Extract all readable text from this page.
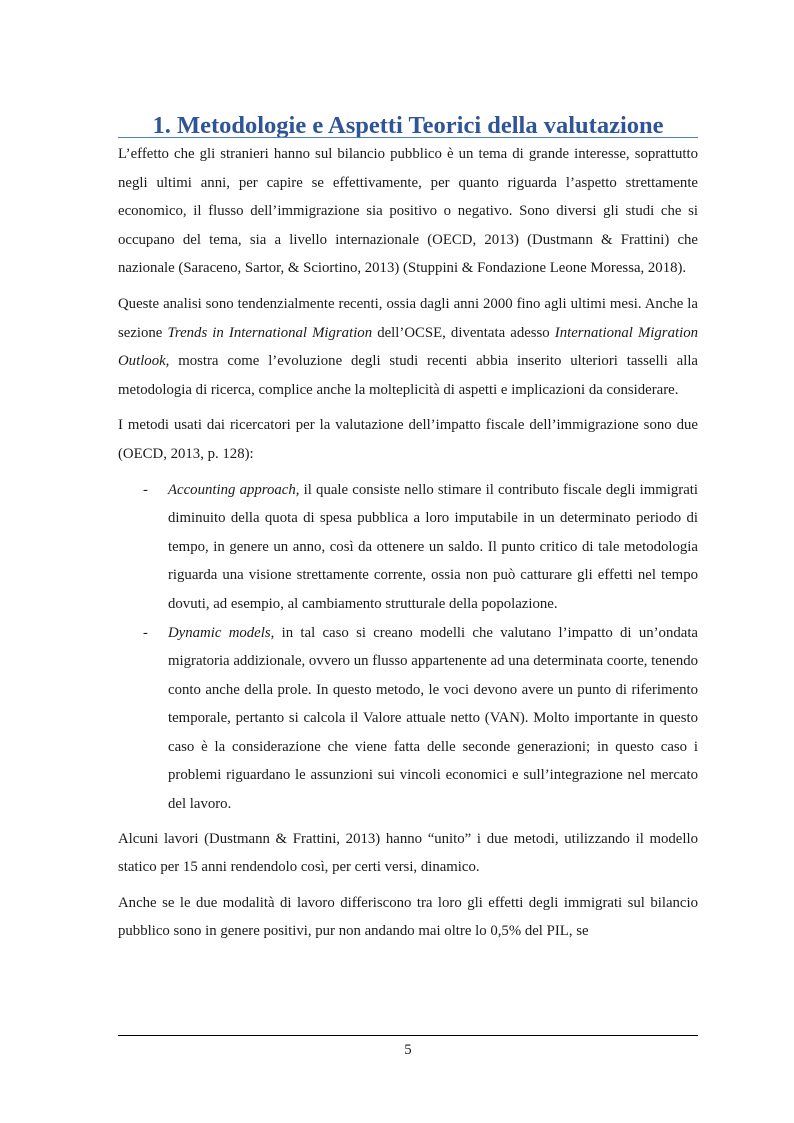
1. Metodologie e Aspetti Teorici della valutazione

L’effetto che gli stranieri hanno sul bilancio pubblico è un tema di grande interesse, soprattutto negli ultimi anni, per capire se effettivamente, per quanto riguarda l’aspetto strettamente economico, il flusso dell’immigrazione sia positivo o negativo. Sono diversi gli studi che si occupano del tema, sia a livello internazionale (OECD, 2013) (Dustmann & Frattini) che nazionale (Saraceno, Sartor, & Sciortino, 2013) (Stuppini & Fondazione Leone Moressa, 2018).

Queste analisi sono tendenzialmente recenti, ossia dagli anni 2000 fino agli ultimi mesi. Anche la sezione Trends in International Migration dell’OCSE, diventata adesso International Migration Outlook, mostra come l’evoluzione degli studi recenti abbia inserito ulteriori tasselli alla metodologia di ricerca, complice anche la molteplicità di aspetti e implicazioni da considerare.

I metodi usati dai ricercatori per la valutazione dell’impatto fiscale dell’immigrazione sono due (OECD, 2013, p. 128):

- Accounting approach, il quale consiste nello stimare il contributo fiscale degli immigrati diminuito della quota di spesa pubblica a loro imputabile in un determinato periodo di tempo, in genere un anno, così da ottenere un saldo. Il punto critico di tale metodologia riguarda una visione strettamente corrente, ossia non può catturare gli effetti nel tempo dovuti, ad esempio, al cambiamento strutturale della popolazione.
- Dynamic models, in tal caso si creano modelli che valutano l’impatto di un’ondata migratoria addizionale, ovvero un flusso appartenente ad una determinata coorte, tenendo conto anche della prole. In questo metodo, le voci devono avere un punto di riferimento temporale, pertanto si calcola il Valore attuale netto (VAN). Molto importante in questo caso è la considerazione che viene fatta delle seconde generazioni; in questo caso i problemi riguardano le assunzioni sui vincoli economici e sull’integrazione nel mercato del lavoro.

Alcuni lavori (Dustmann & Frattini, 2013) hanno “unito” i due metodi, utilizzando il modello statico per 15 anni rendendolo così, per certi versi, dinamico.

Anche se le due modalità di lavoro differiscono tra loro gli effetti degli immigrati sul bilancio pubblico sono in genere positivi, pur non andando mai oltre lo 0,5% del PIL, se

5
